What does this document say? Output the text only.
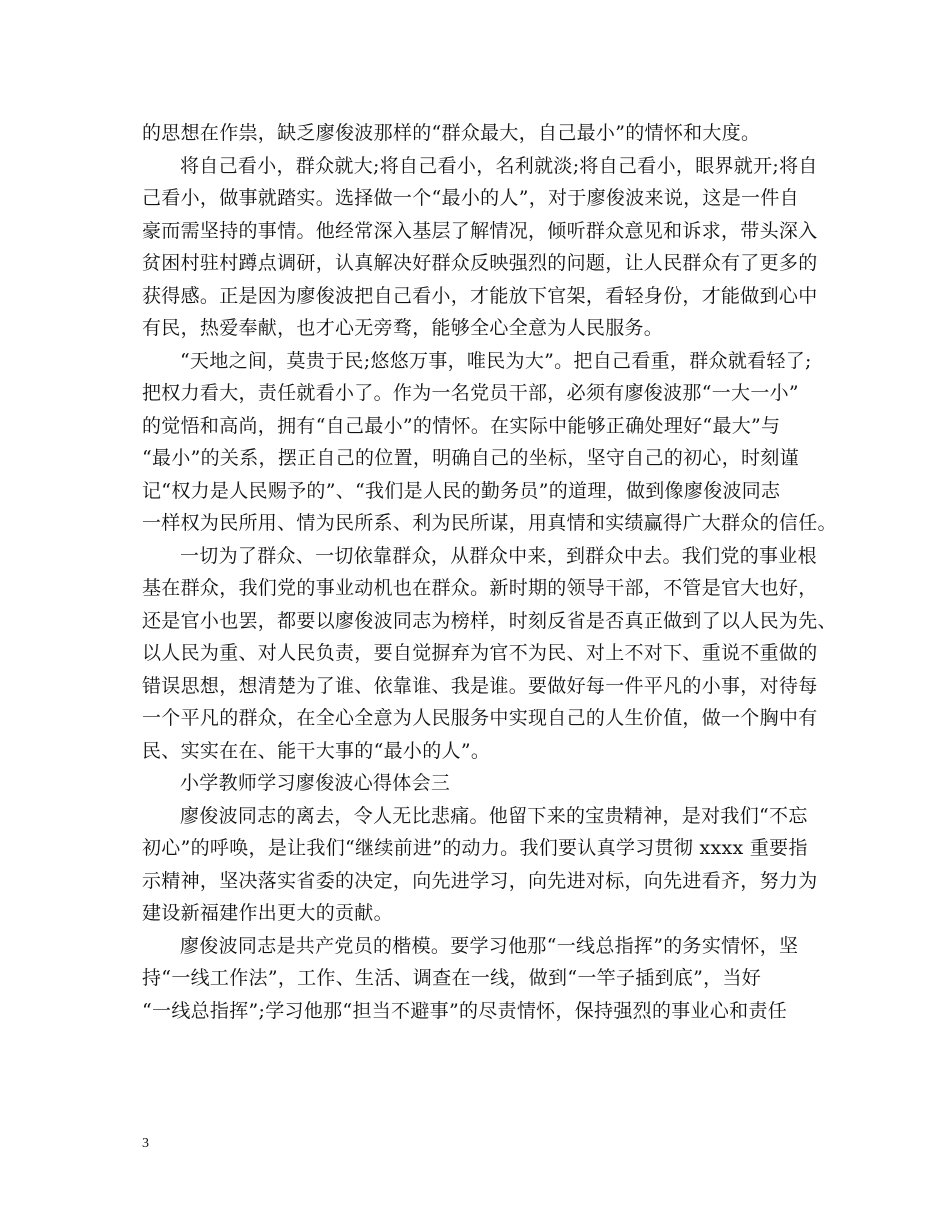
的思想在作祟，缺乏廖俊波那样的“群众最大，自己最小”的情怀和大度。
将自己看小，群众就大;将自己看小，名利就淡;将自己看小，眼界就开;将自
己看小，做事就踏实。选择做一个“最小的人”，对于廖俊波来说，这是一件自
豪而需坚持的事情。他经常深入基层了解情况，倾听群众意见和诉求，带头深入
贫困村驻村蹲点调研，认真解决好群众反映强烈的问题，让人民群众有了更多的
获得感。正是因为廖俊波把自己看小，才能放下官架，看轻身份，才能做到心中
有民，热爱奉献，也才心无旁骛，能够全心全意为人民服务。
“天地之间，莫贵于民;悠悠万事，唯民为大”。把自己看重，群众就看轻了;
把权力看大，责任就看小了。作为一名党员干部，必须有廖俊波那“一大一小”
的觉悟和高尚，拥有“自己最小”的情怀。在实际中能够正确处理好“最大”与
“最小”的关系，摆正自己的位置，明确自己的坐标，坚守自己的初心，时刻谨
记“权力是人民赐予的”、“我们是人民的勤务员”的道理，做到像廖俊波同志
一样权为民所用、情为民所系、利为民所谋，用真情和实绩赢得广大群众的信任。
一切为了群众、一切依靠群众，从群众中来，到群众中去。我们党的事业根
基在群众，我们党的事业动机也在群众。新时期的领导干部，不管是官大也好，
还是官小也罢，都要以廖俊波同志为榜样，时刻反省是否真正做到了以人民为先、
以人民为重、对人民负责，要自觉摒弃为官不为民、对上不对下、重说不重做的
错误思想，想清楚为了谁、依靠谁、我是谁。要做好每一件平凡的小事，对待每
一个平凡的群众，在全心全意为人民服务中实现自己的人生价值，做一个胸中有
民、实实在在、能干大事的“最小的人”。
小学教师学习廖俊波心得体会三
廖俊波同志的离去，令人无比悲痛。他留下来的宝贵精神，是对我们“不忘
初心”的呼唤，是让我们“继续前进”的动力。我们要认真学习贯彻 xxxx 重要指
示精神，坚决落实省委的决定，向先进学习，向先进对标，向先进看齐，努力为
建设新福建作出更大的贡献。
廖俊波同志是共产党员的楷模。要学习他那“一线总指挥”的务实情怀，坚
持“一线工作法”，工作、生活、调查在一线，做到“一竿子插到底”，当好
“一线总指挥”;学习他那“担当不避事”的尽责情怀，保持强烈的事业心和责任
3
